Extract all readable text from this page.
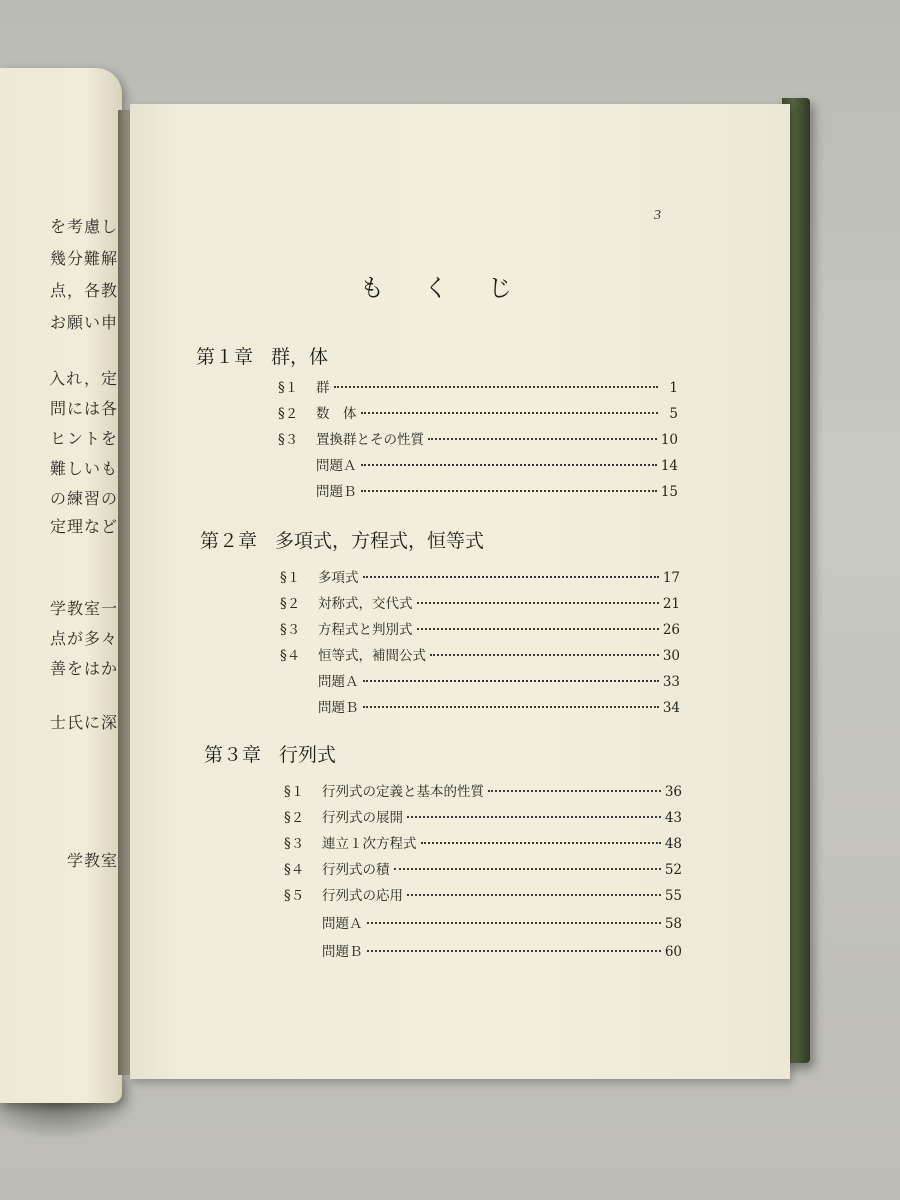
を考慮し
幾分難解
点，各教
お願い申
入れ，定
問には各
ヒントを
難しいも
の練習の
定理など
学教室一
点が多々
善をはか
士氏に深
学教室
3
もくじ
第１章 群，体
§１	群	1
§２	数　体	5
§３	置換群とその性質	10
問題Ａ	14
問題Ｂ	15
第２章 多項式，方程式，恒等式
§１	多項式	17
§２	対称式，交代式	21
§３	方程式と判別式	26
§４	恒等式，補間公式	30
問題Ａ	33
問題Ｂ	34
第３章 行列式
§１	行列式の定義と基本的性質	36
§２	行列式の展開	43
§３	連立１次方程式	48
§４	行列式の積	52
§５	行列式の応用	55
問題Ａ	58
問題Ｂ	60
